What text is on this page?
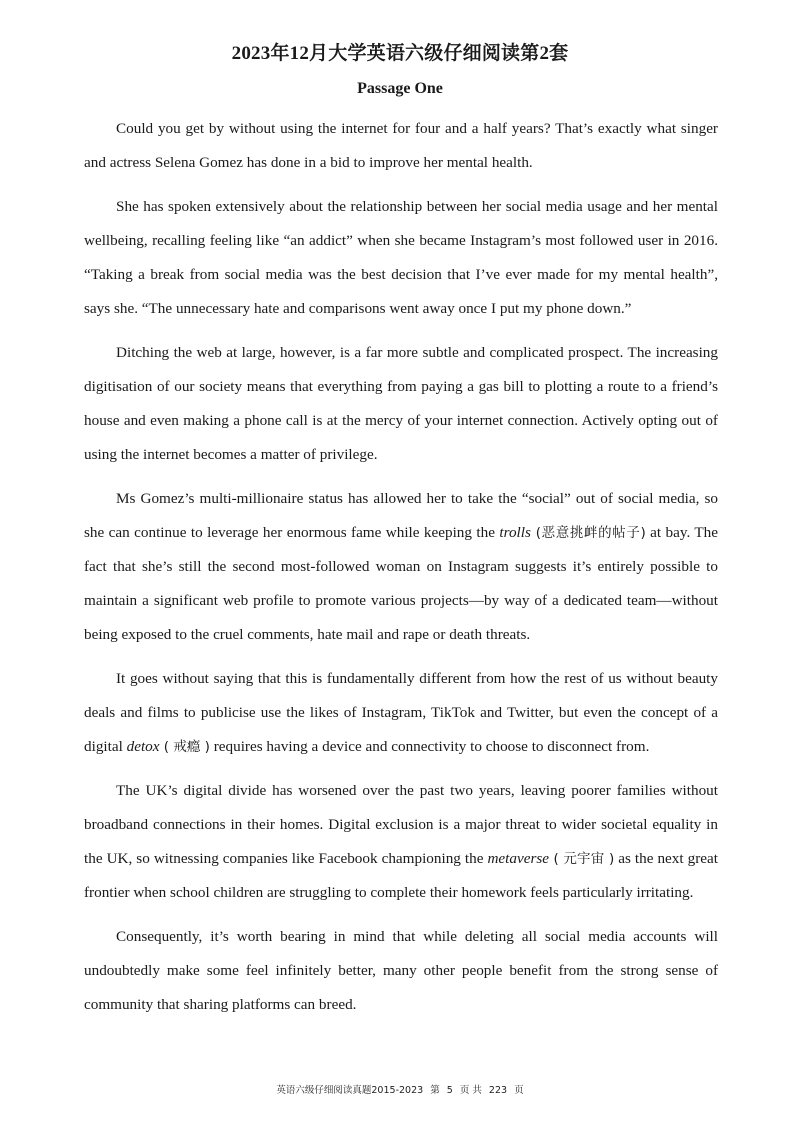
2023年12月大学英语六级仔细阅读第2套
Passage One

Could you get by without using the internet for four and a half years? That’s exactly what singer and actress Selena Gomez has done in a bid to improve her mental health.

She has spoken extensively about the relationship between her social media usage and her mental wellbeing, recalling feeling like “an addict” when she became Instagram’s most followed user in 2016. “Taking a break from social media was the best decision that I’ve ever made for my mental health”, says she. “The unnecessary hate and comparisons went away once I put my phone down.”

Ditching the web at large, however, is a far more subtle and complicated prospect. The increasing digitisation of our society means that everything from paying a gas bill to plotting a route to a friend’s house and even making a phone call is at the mercy of your internet connection. Actively opting out of using the internet becomes a matter of privilege.

Ms Gomez’s multi-millionaire status has allowed her to take the “social” out of social media, so she can continue to leverage her enormous fame while keeping the trolls (恶意挑衅的帖子) at bay. The fact that she’s still the second most-followed woman on Instagram suggests it’s entirely possible to maintain a significant web profile to promote various projects—by way of a dedicated team—without being exposed to the cruel comments, hate mail and rape or death threats.

It goes without saying that this is fundamentally different from how the rest of us without beauty deals and films to publicise use the likes of Instagram, TikTok and Twitter, but even the concept of a digital detox ( 戒瘾 ) requires having a device and connectivity to choose to disconnect from.

The UK’s digital divide has worsened over the past two years, leaving poorer families without broadband connections in their homes. Digital exclusion is a major threat to wider societal equality in the UK, so witnessing companies like Facebook championing the metaverse ( 元宇宙 ) as the next great frontier when school children are struggling to complete their homework feels particularly irritating.

Consequently, it’s worth bearing in mind that while deleting all social media accounts will undoubtedly make some feel infinitely better, many other people benefit from the strong sense of community that sharing platforms can breed.

英语六级仔细阅读真题2015-2023 第 5 页 共 223 页
